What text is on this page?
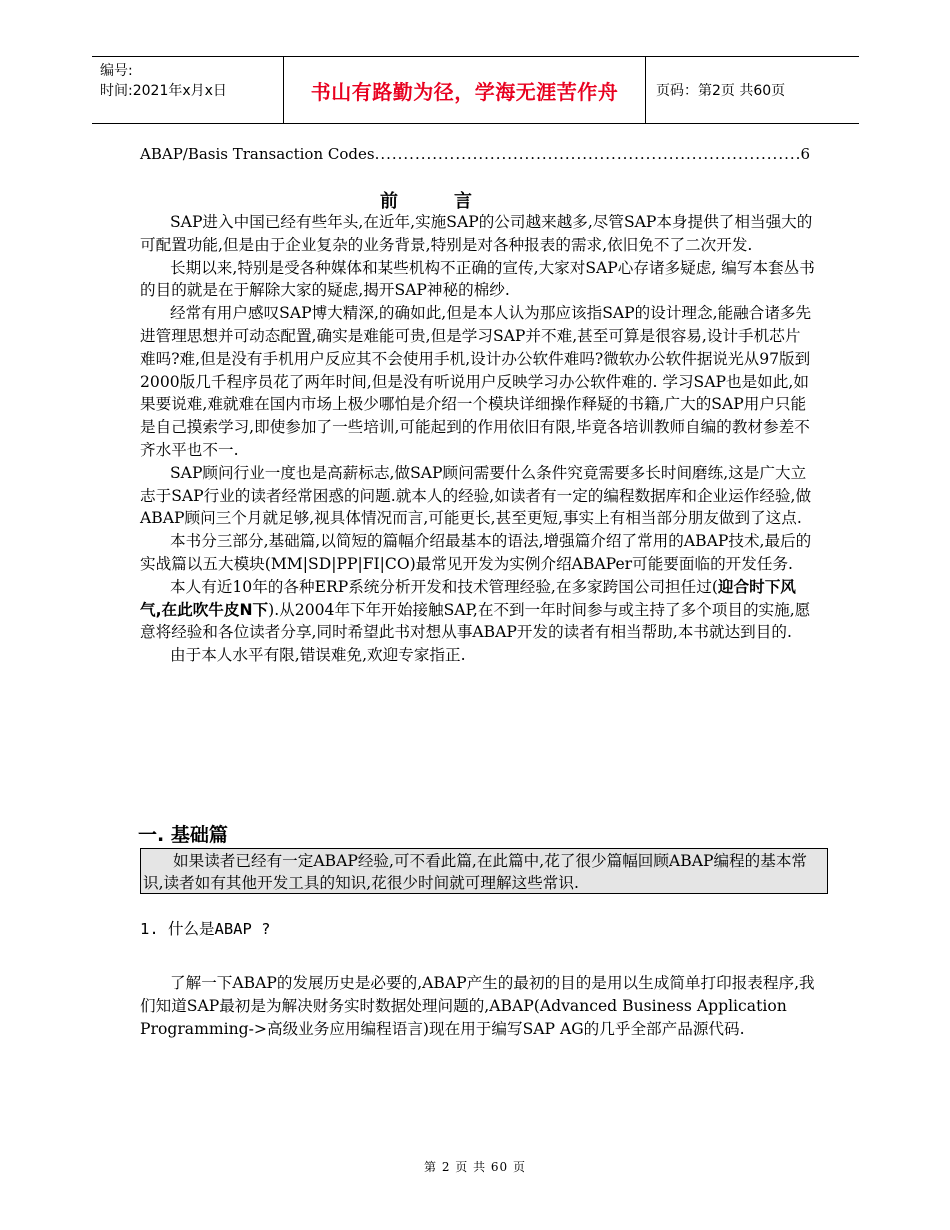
编号:
时间:2021年x月x日	书山有路勤为径，学海无涯苦作舟	页码：第2页 共60页
ABAP/Basis Transaction Codes
.....	6
前言

SAP进入中国已经有些年头,在近年,实施SAP的公司越来越多,尽管SAP本身提供了相当强大的可配置功能,但是由于企业复杂的业务背景,特别是对各种报表的需求,依旧免不了二次开发.

长期以来,特别是受各种媒体和某些机构不正确的宣传,大家对SAP心存诸多疑虑, 编写本套丛书的目的就是在于解除大家的疑虑,揭开SAP神秘的棉纱.

经常有用户感叹SAP博大精深,的确如此,但是本人认为那应该指SAP的设计理念,能融合诸多先进管理思想并可动态配置,确实是难能可贵,但是学习SAP并不难,甚至可算是很容易,设计手机芯片难吗?难,但是没有手机用户反应其不会使用手机,设计办公软件难吗?微软办公软件据说光从97版到2000版几千程序员花了两年时间,但是没有听说用户反映学习办公软件难的. 学习SAP也是如此,如果要说难,难就难在国内市场上极少哪怕是介绍一个模块详细操作释疑的书籍,广大的SAP用户只能是自己摸索学习,即使参加了一些培训,可能起到的作用依旧有限,毕竟各培训教师自编的教材参差不齐水平也不一.

SAP顾问行业一度也是高薪标志,做SAP顾问需要什么条件究竟需要多长时间磨练,这是广大立志于SAP行业的读者经常困惑的问题.就本人的经验,如读者有一定的编程数据库和企业运作经验,做ABAP顾问三个月就足够,视具体情况而言,可能更长,甚至更短,事实上有相当部分朋友做到了这点.

本书分三部分,基础篇,以简短的篇幅介绍最基本的语法,增强篇介绍了常用的ABAP技术,最后的实战篇以五大模块(MM|SD|PP|FI|CO)最常见开发为实例介绍ABAPer可能要面临的开发任务.

本人有近10年的各种ERP系统分析开发和技术管理经验,在多家跨国公司担任过(迎合时下风气,在此吹牛皮N下).从2004年下年开始接触SAP,在不到一年时间参与或主持了多个项目的实施,愿意将经验和各位读者分享,同时希望此书对想从事ABAP开发的读者有相当帮助,本书就达到目的.

由于本人水平有限,错误难免,欢迎专家指正.

一. 基础篇

如果读者已经有一定ABAP经验,可不看此篇,在此篇中,花了很少篇幅回顾ABAP编程的基本常识,读者如有其他开发工具的知识,花很少时间就可理解这些常识.

1. 什么是ABAP ?

了解一下ABAP的发展历史是必要的,ABAP产生的最初的目的是用以生成简单打印报表程序,我们知道SAP最初是为解决财务实时数据处理问题的,ABAP(Advanced Business Application Programming->高级业务应用编程语言)现在用于编写SAP AG的几乎全部产品源代码.

第 2 页 共 60 页
